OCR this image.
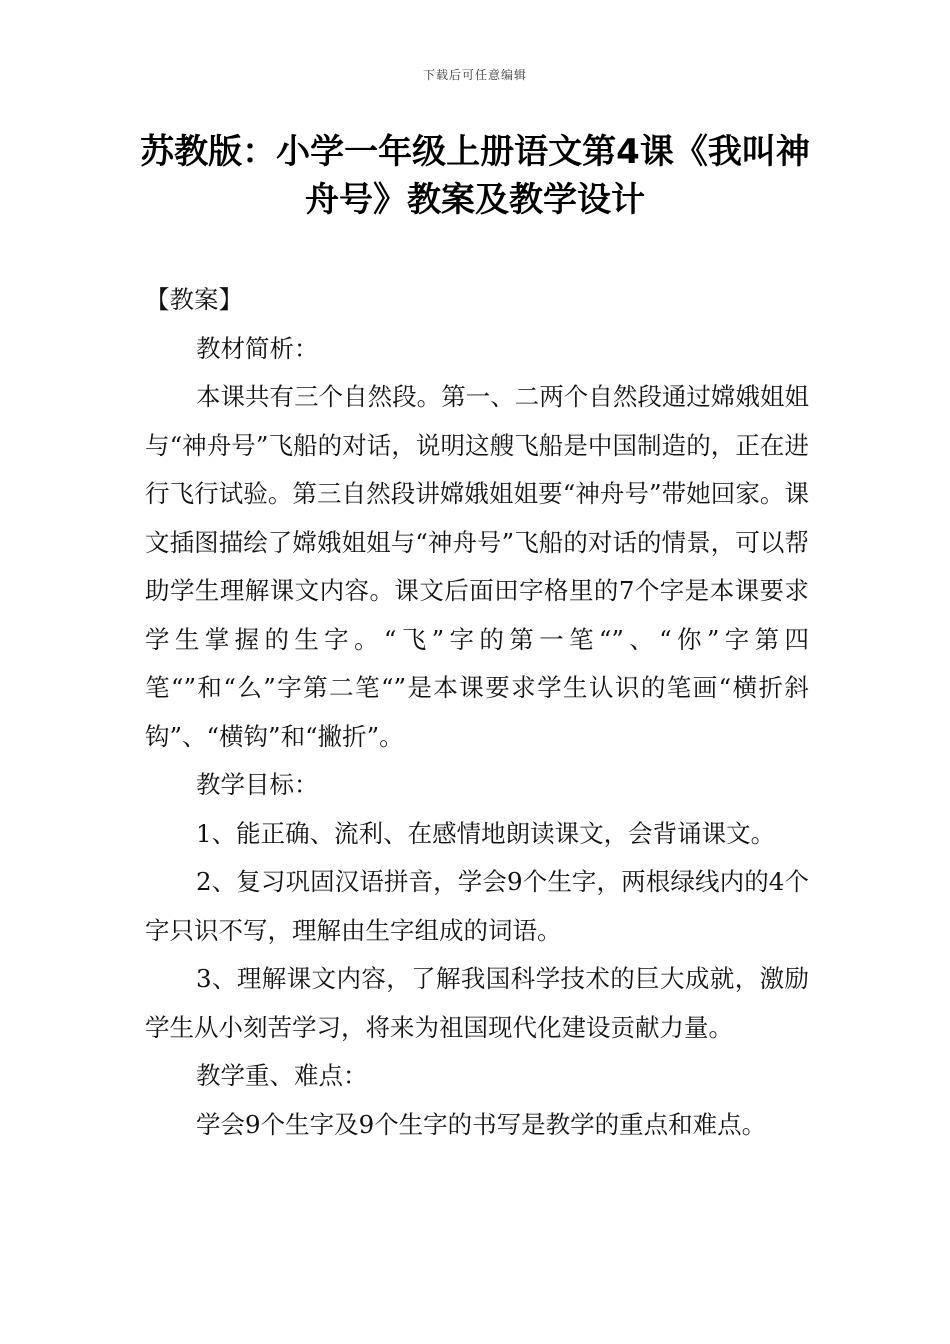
下载后可任意编辑
苏教版：小学一年级上册语文第4课《我叫神舟号》教案及教学设计

【教案】

教材简析：

本课共有三个自然段。第一、二两个自然段通过嫦娥姐姐与“神舟号”飞船的对话，说明这艘飞船是中国制造的，正在进行飞行试验。第三自然段讲嫦娥姐姐要“神舟号”带她回家。课文插图描绘了嫦娥姐姐与“神舟号”飞船的对话的情景，可以帮助学生理解课文内容。课文后面田字格里的7个字是本课要求学生掌握的生字。“飞”字的第一笔“”、“你”字第四笔“”和“么”字第二笔“”是本课要求学生认识的笔画“横折斜钩”、“横钩”和“撇折”。

教学目标：

1、能正确、流利、在感情地朗读课文，会背诵课文。

2、复习巩固汉语拼音，学会9个生字，两根绿线内的4个字只识不写，理解由生字组成的词语。

3、理解课文内容，了解我国科学技术的巨大成就，激励学生从小刻苦学习，将来为祖国现代化建设贡献力量。

教学重、难点：

学会9个生字及9个生字的书写是教学的重点和难点。
